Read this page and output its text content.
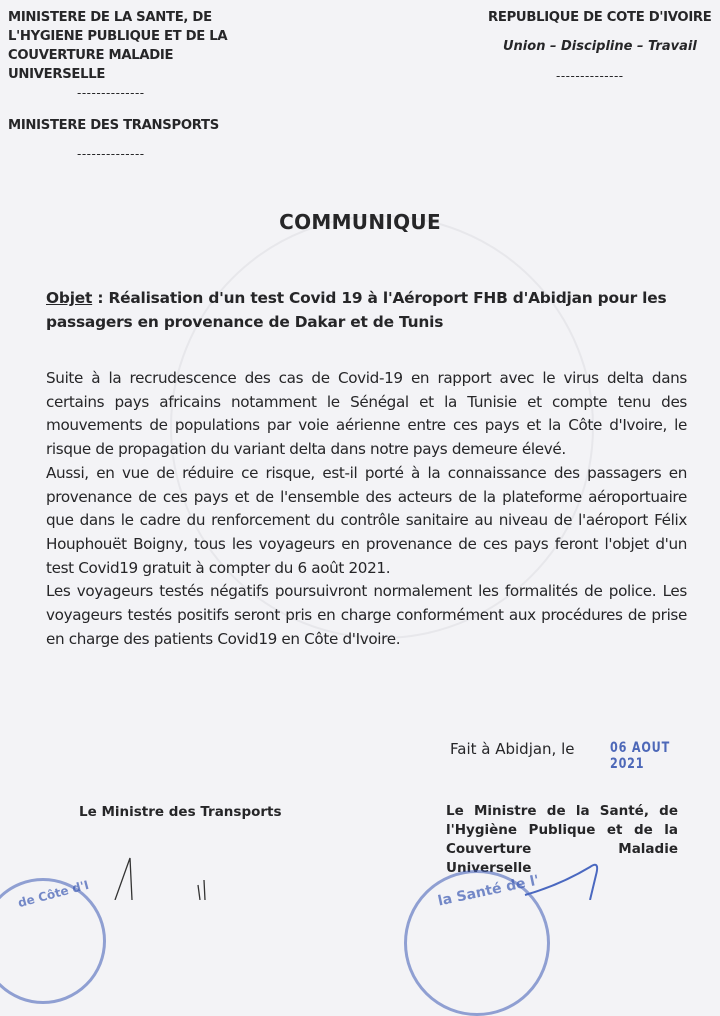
MINISTERE DE LA SANTE, DE
L'HYGIENE PUBLIQUE ET DE LA
COUVERTURE MALADIE
UNIVERSELLE
--------------
MINISTERE DES TRANSPORTS
--------------
REPUBLIQUE DE COTE D'IVOIRE
Union – Discipline – Travail
--------------
COMMUNIQUE
Objet : Réalisation d'un test Covid 19 à l'Aéroport FHB d'Abidjan pour les passagers en provenance de Dakar et de Tunis

Suite à la recrudescence des cas de Covid-19 en rapport avec le virus delta dans certains pays africains notamment le Sénégal et la Tunisie et compte tenu des mouvements de populations par voie aérienne entre ces pays et la Côte d'Ivoire, le risque de propagation du variant delta dans notre pays demeure élevé.

Aussi, en vue de réduire ce risque, est-il porté à la connaissance des passagers en provenance de ces pays et de l'ensemble des acteurs de la plateforme aéroportuaire que dans le cadre du renforcement du contrôle sanitaire au niveau de l'aéroport Félix Houphouët Boigny, tous les voyageurs en provenance de ces pays feront l'objet d'un test Covid19 gratuit à compter du 6 août 2021.

Les voyageurs testés négatifs poursuivront normalement les formalités de police. Les voyageurs testés positifs seront pris en charge conformément aux procédures de prise en charge des patients Covid19 en Côte d'Ivoire.

Fait à Abidjan, le	06 AOUT 2021
Le Ministre des Transports	Le Ministre de la Santé, de l'Hygiène Publique et de la Couverture Maladie Universelle
de Côte d'I	la Santé de l'
